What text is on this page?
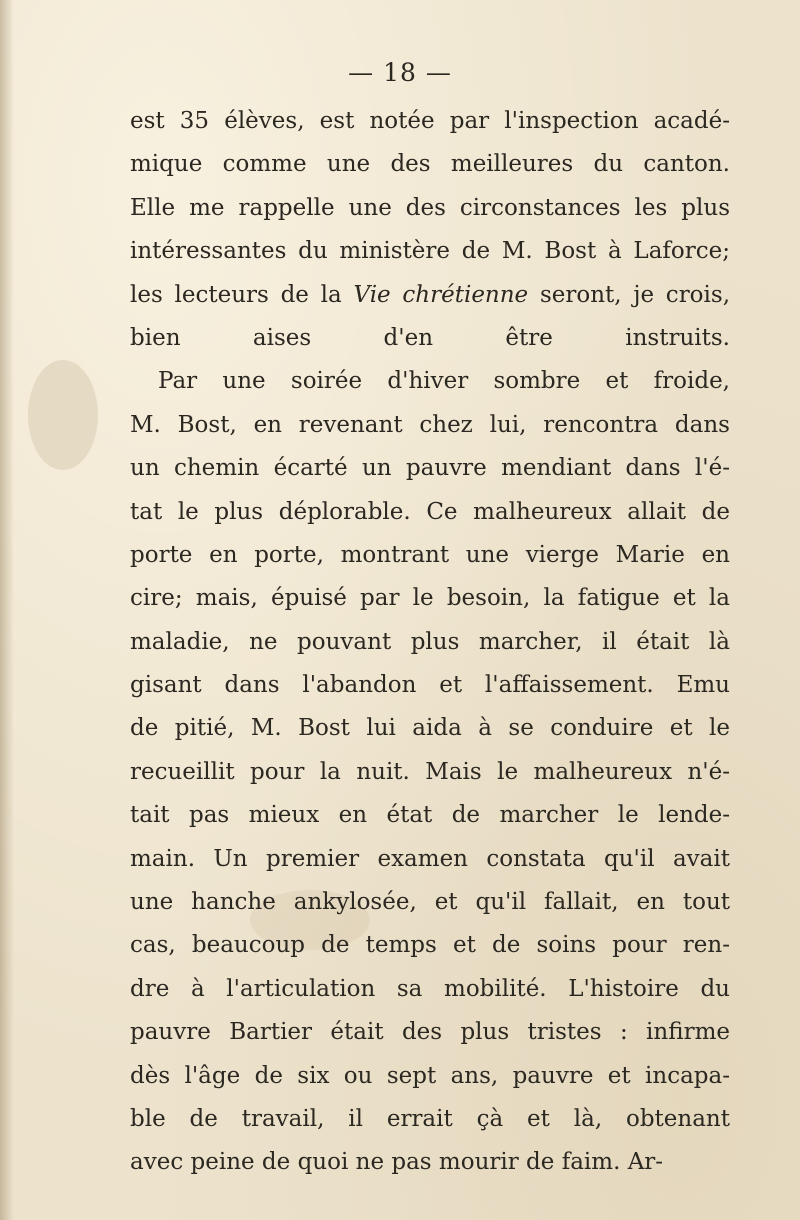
— 18 —
est 35 élèves, est notée par l'inspection acadé-
mique comme une des meilleures du canton.
Elle me rappelle une des circonstances les plus
intéressantes du ministère de M. Bost à Laforce;
les lecteurs de la Vie chrétienne seront, je crois,
bien aises d'en être instruits.
Par une soirée d'hiver sombre et froide,
M. Bost, en revenant chez lui, rencontra dans
un chemin écarté un pauvre mendiant dans l'é-
tat le plus déplorable. Ce malheureux allait de
porte en porte, montrant une vierge Marie en
cire; mais, épuisé par le besoin, la fatigue et la
maladie, ne pouvant plus marcher, il était là
gisant dans l'abandon et l'affaissement. Emu
de pitié, M. Bost lui aida à se conduire et le
recueillit pour la nuit. Mais le malheureux n'é-
tait pas mieux en état de marcher le lende-
main. Un premier examen constata qu'il avait
une hanche ankylosée, et qu'il fallait, en tout
cas, beaucoup de temps et de soins pour ren-
dre à l'articulation sa mobilité. L'histoire du
pauvre Bartier était des plus tristes : infirme
dès l'âge de six ou sept ans, pauvre et incapa-
ble de travail, il errait çà et là, obtenant
avec peine de quoi ne pas mourir de faim. Ar-
